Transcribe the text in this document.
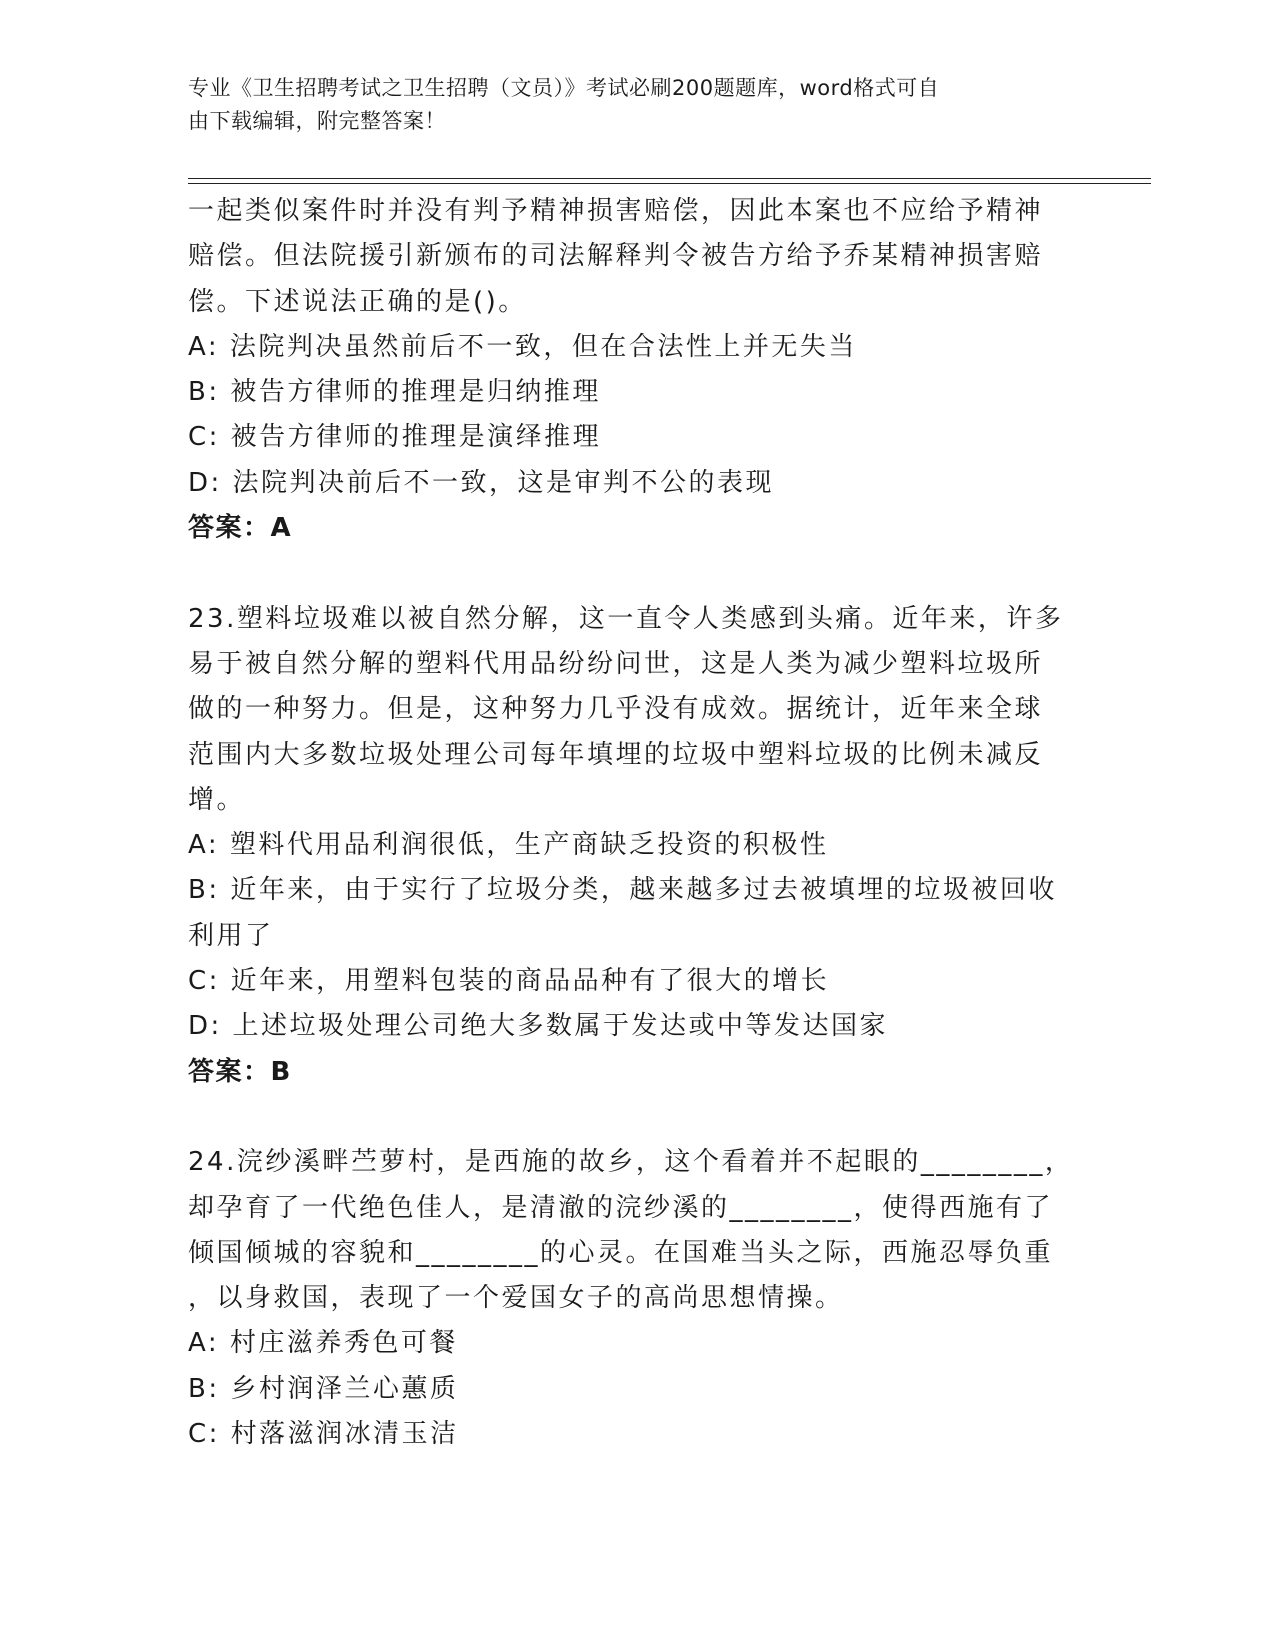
专业《卫生招聘考试之卫生招聘（文员）》考试必刷200题题库，word格式可自
由下载编辑，附完整答案！
一起类似案件时并没有判予精神损害赔偿，因此本案也不应给予精神
赔偿。但法院援引新颁布的司法解释判令被告方给予乔某精神损害赔
偿。下述说法正确的是()。
A: 法院判决虽然前后不一致，但在合法性上并无失当
B: 被告方律师的推理是归纳推理
C: 被告方律师的推理是演绎推理
D: 法院判决前后不一致，这是审判不公的表现
答案：A
23.塑料垃圾难以被自然分解，这一直令人类感到头痛。近年来，许多
易于被自然分解的塑料代用品纷纷问世，这是人类为减少塑料垃圾所
做的一种努力。但是，这种努力几乎没有成效。据统计，近年来全球
范围内大多数垃圾处理公司每年填埋的垃圾中塑料垃圾的比例未减反
增。
A: 塑料代用品利润很低，生产商缺乏投资的积极性
B: 近年来，由于实行了垃圾分类，越来越多过去被填埋的垃圾被回收
利用了
C: 近年来，用塑料包装的商品品种有了很大的增长
D: 上述垃圾处理公司绝大多数属于发达或中等发达国家
答案：B
24.浣纱溪畔苎萝村，是西施的故乡，这个看着并不起眼的________，
却孕育了一代绝色佳人，是清澈的浣纱溪的________，使得西施有了
倾国倾城的容貌和________的心灵。在国难当头之际，西施忍辱负重
，以身救国，表现了一个爱国女子的高尚思想情操。
A: 村庄滋养秀色可餐
B: 乡村润泽兰心蕙质
C: 村落滋润冰清玉洁
